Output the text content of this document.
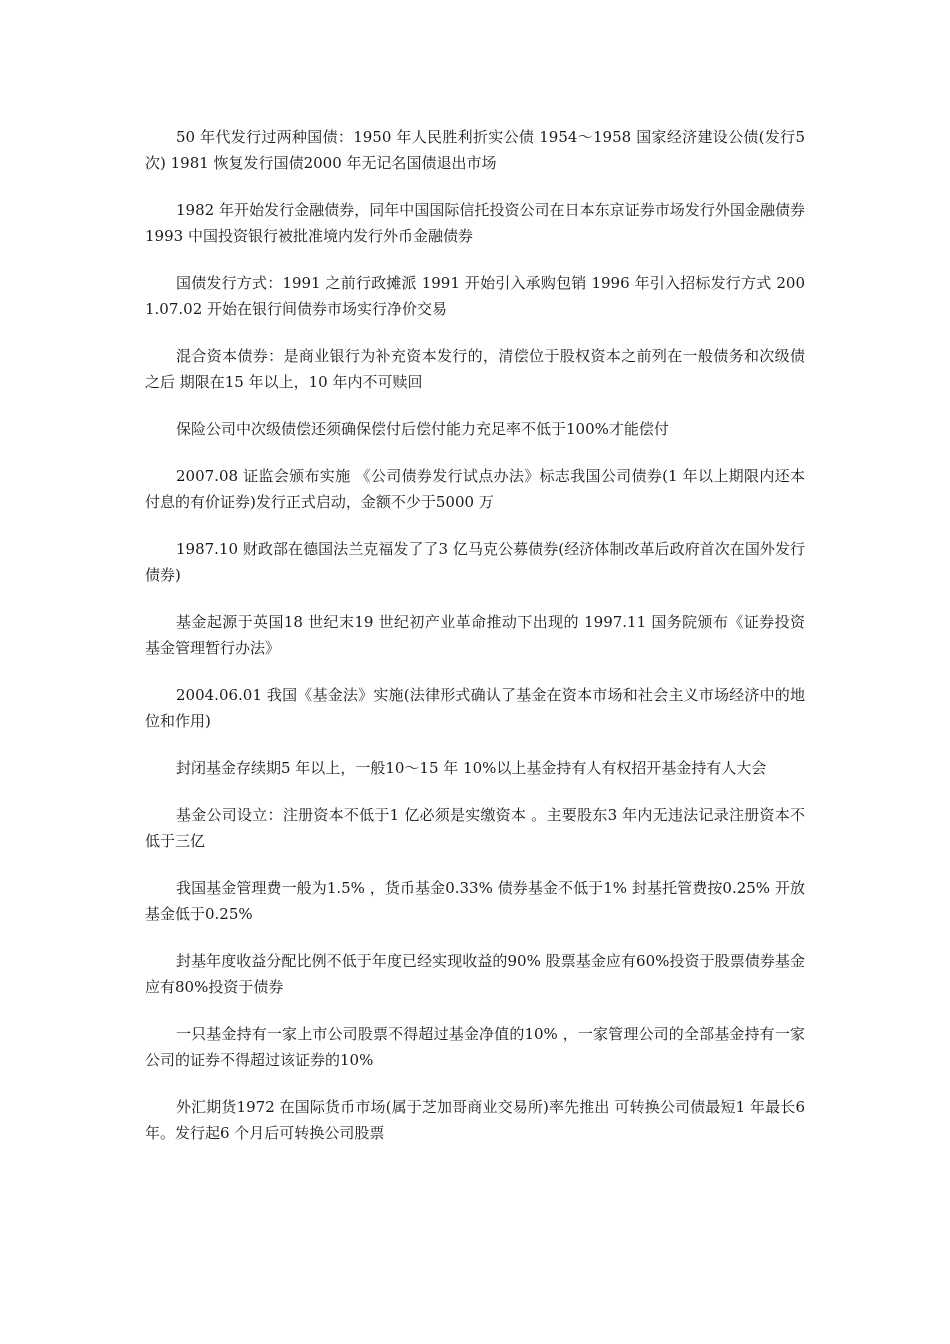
50 年代发行过两种国债：1950 年人民胜利折实公债 1954～1958 国家经济建设公债(发行5 次) 1981 恢复发行国债2000 年无记名国债退出市场

1982 年开始发行金融债券，同年中国国际信托投资公司在日本东京证券市场发行外国金融债券 1993 中国投资银行被批准境内发行外币金融债券

国债发行方式：1991 之前行政摊派 1991 开始引入承购包销 1996 年引入招标发行方式 2001.07.02 开始在银行间债券市场实行净价交易

混合资本债券：是商业银行为补充资本发行的，清偿位于股权资本之前列在一般债务和次级债之后 期限在15 年以上，10 年内不可赎回

保险公司中次级债偿还须确保偿付后偿付能力充足率不低于100%才能偿付

2007.08 证监会颁布实施 《公司债券发行试点办法》标志我国公司债券(1 年以上期限内还本付息的有价证券)发行正式启动，金额不少于5000 万

1987.10 财政部在德国法兰克福发了了3 亿马克公募债券(经济体制改革后政府首次在国外发行债券)

基金起源于英国18 世纪末19 世纪初产业革命推动下出现的 1997.11 国务院颁布《证券投资基金管理暂行办法》

2004.06.01 我国《基金法》实施(法律形式确认了基金在资本市场和社会主义市场经济中的地位和作用)

封闭基金存续期5 年以上，一般10～15 年 10%以上基金持有人有权招开基金持有人大会

基金公司设立：注册资本不低于1 亿必须是实缴资本 。主要股东3 年内无违法记录注册资本不低于三亿

我国基金管理费一般为1.5% ，货币基金0.33% 债券基金不低于1% 封基托管费按0.25% 开放基金低于0.25%

封基年度收益分配比例不低于年度已经实现收益的90% 股票基金应有60%投资于股票债券基金应有80%投资于债券

一只基金持有一家上市公司股票不得超过基金净值的10% ，一家管理公司的全部基金持有一家公司的证券不得超过该证券的10%

外汇期货1972 在国际货币市场(属于芝加哥商业交易所)率先推出 可转换公司债最短1 年最长6 年。发行起6 个月后可转换公司股票
